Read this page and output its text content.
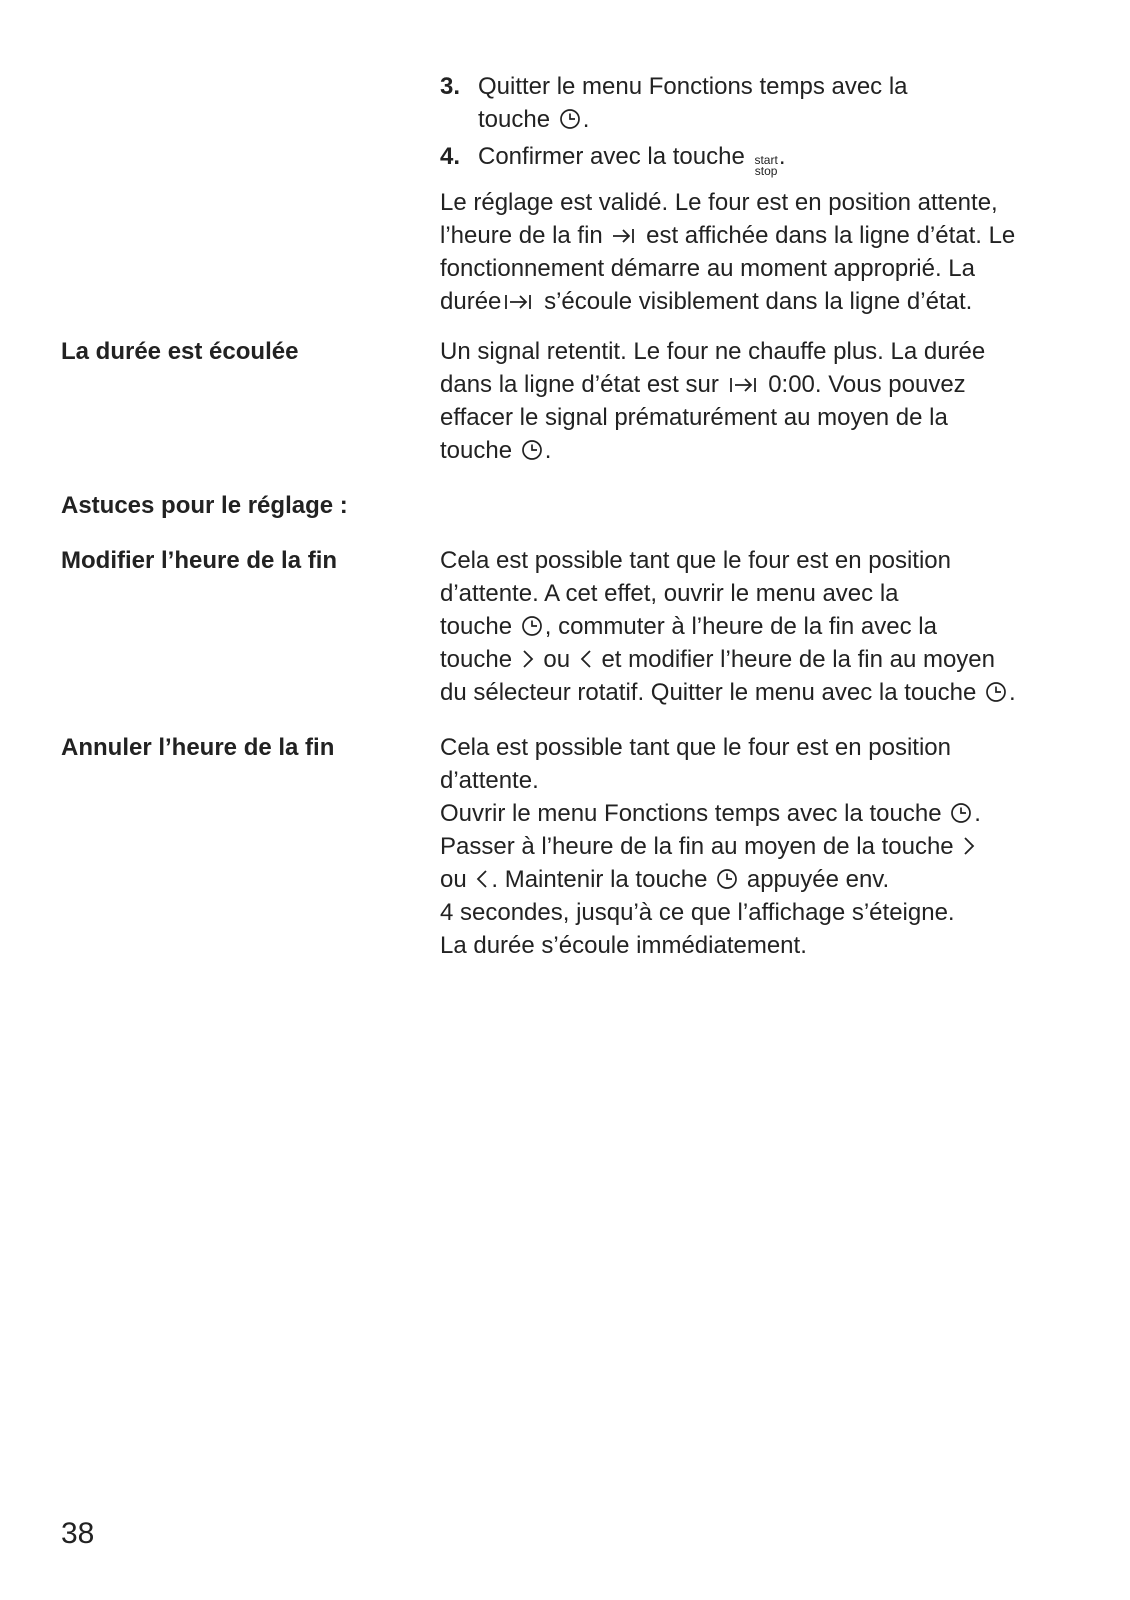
3. Quitter le menu Fonctions temps avec la
touche .
4. Confirmer avec la touche start
stop
.
Le réglage est validé. Le four est en position attente,
l’heure de la fin est affichée dans la ligne d’état. Le
fonctionnement démarre au moment approprié. La
durée s’écoule visiblement dans la ligne d’état.
La durée est écoulée	Un signal retentit. Le four ne chauffe plus. La durée
dans la ligne d’état est sur 0:00. Vous pouvez
effacer le signal prématurément au moyen de la
touche .
Astuces pour le réglage :
Modifier l’heure de la fin	Cela est possible tant que le four est en position
d’attente. A cet effet, ouvrir le menu avec la
touche , commuter à l’heure de la fin avec la
touche ou et modifier l’heure de la fin au moyen
du sélecteur rotatif. Quitter le menu avec la touche .
Annuler l’heure de la fin	Cela est possible tant que le four est en position
d’attente.
Ouvrir le menu Fonctions temps avec la touche .
Passer à l’heure de la fin au moyen de la touche
ou . Maintenir la touche appuyée env.
4 secondes, jusqu’à ce que l’affichage s’éteigne.
La durée s’écoule immédiatement.
38
